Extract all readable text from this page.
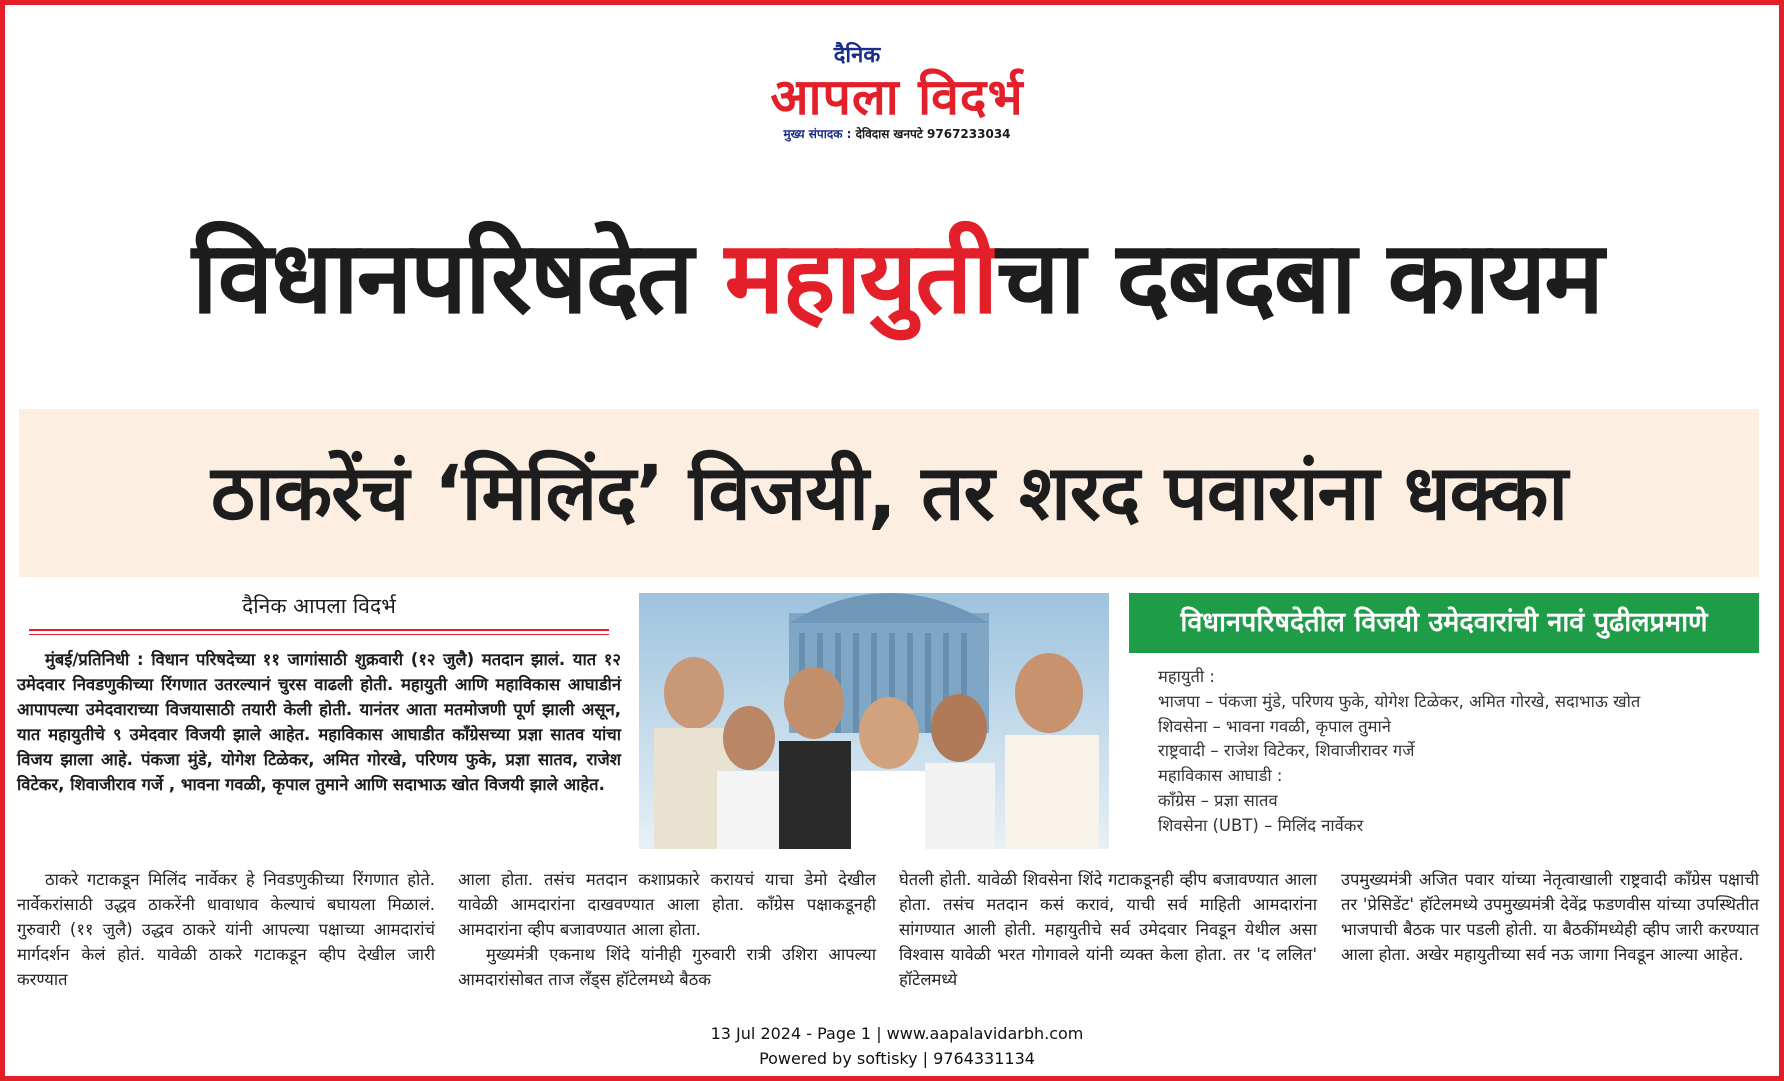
दैनिक
आपला विदर्भ
मुख्य संपादक : देविदास खनपटे 9767233034
विधानपरिषदेत महायुतीचा दबदबा कायम
ठाकरेंचं ‘मिलिंद’ विजयी, तर शरद पवारांना धक्का
दैनिक आपला विदर्भ

मुंबई/प्रतिनिधी : विधान परिषदेच्या ११ जागांसाठी शुक्रवारी (१२ जुलै) मतदान झालं. यात १२ उमेदवार निवडणुकीच्या रिंगणात उतरल्यानं चुरस वाढली होती. महायुती आणि महाविकास आघाडीनं आपापल्या उमेदवाराच्या विजयासाठी तयारी केली होती. यानंतर आता मतमोजणी पूर्ण झाली असून, यात महायुतीचे ९ उमेदवार विजयी झाले आहेत. महाविकास आघाडीत काँग्रेसच्या प्रज्ञा सातव यांचा विजय झाला आहे. पंकजा मुंडे, योगेश टिळेकर, अमित गोरखे, परिणय फुके, प्रज्ञा सातव, राजेश विटेकर, शिवाजीराव गर्जे , भावना गवळी, कृपाल तुमाने आणि सदाभाऊ खोत विजयी झाले आहेत.

विधानपरिषदेतील विजयी उमेदवारांची नावं पुढीलप्रमाणे
महायुती :
भाजपा – पंकजा मुंडे, परिणय फुके, योगेश टिळेकर, अमित गोरखे, सदाभाऊ खोत
शिवसेना – भावना गवळी, कृपाल तुमाने
राष्ट्रवादी – राजेश विटेकर, शिवाजीरावर गर्जे
महाविकास आघाडी :
काँग्रेस – प्रज्ञा सातव
शिवसेना (UBT) – मिलिंद नार्वेकर

ठाकरे गटाकडून मिलिंद नार्वेकर हे निवडणुकीच्या रिंगणात होते. नार्वेकरांसाठी उद्धव ठाकरेंनी धावाधाव केल्याचं बघायला मिळालं. गुरुवारी (११ जुलै) उद्धव ठाकरे यांनी आपल्या पक्षाच्या आमदारांचं मार्गदर्शन केलं होतं. यावेळी ठाकरे गटाकडून व्हीप देखील जारी करण्यात

आला होता. तसंच मतदान कशाप्रकारे करायचं याचा डेमो देखील यावेळी आमदारांना दाखवण्यात आला होता. काँग्रेस पक्षाकडूनही आमदारांना व्हीप बजावण्यात आला होता.

मुख्यमंत्री एकनाथ शिंदे यांनीही गुरुवारी रात्री उशिरा आपल्या आमदारांसोबत ताज लँड्स हॉटेलमध्ये बैठक

घेतली होती. यावेळी शिवसेना शिंदे गटाकडूनही व्हीप बजावण्यात आला होता. तसंच मतदान कसं करावं, याची सर्व माहिती आमदारांना सांगण्यात आली होती. महायुतीचे सर्व उमेदवार निवडून येथील असा विश्वास यावेळी भरत गोगावले यांनी व्यक्त केला होता. तर 'द ललित' हॉटेलमध्ये

उपमुख्यमंत्री अजित पवार यांच्या नेतृत्वाखाली राष्ट्रवादी काँग्रेस पक्षाची तर 'प्रेसिडेंट' हॉटेलमध्ये उपमुख्यमंत्री देवेंद्र फडणवीस यांच्या उपस्थितीत भाजपाची बैठक पार पडली होती. या बैठकींमध्येही व्हीप जारी करण्यात आला होता. अखेर महायुतीच्या सर्व नऊ जागा निवडून आल्या आहेत.

13 Jul 2024 - Page 1 | www.aapalavidarbh.com
Powered by softisky | 9764331134
